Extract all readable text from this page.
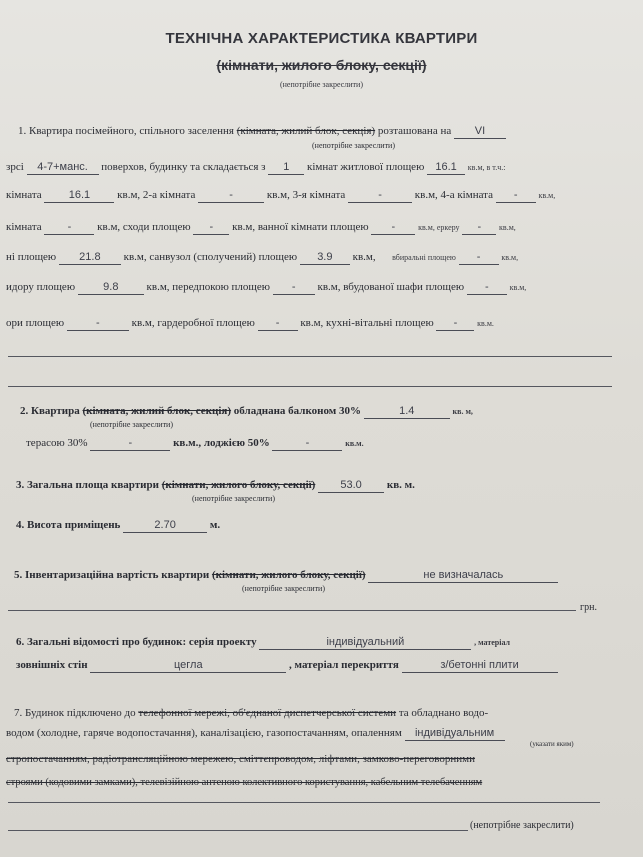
ТЕХНІЧНА ХАРАКТЕРИСТИКА КВАРТИРИ
(кімнати, жилого блоку, секції)
(непотрібне закреслити)
1. Квартира посімейного, спільного заселення (кімната, жилий блок, секція) розташована на VI
(непотрібне закреслити)
зрсі 4-7+манс. поверхов, будинку та складається з 1 кімнат житлової площею 16.1 кв.м, в т.ч.:
кімната 16.1 кв.м, 2-а кімната	-	кв.м, 3-я кімната	-	кв.м, 4-а кімната -	кв.м,
кімната - кв.м, сходи площею - кв.м, ванної кімнати площею -	кв.м, еркеру - кв.м,
ні площею 21.8 кв.м, санвузол (сполучений) площею 3.9 кв.м, вбиральні площею -	кв.м,
идору площею	9.8	кв.м, передпокою площею - кв.м, вбудованої шафи площею -	кв.м,
ори площею	-	кв.м, гардеробної площею - кв.м, кухні-вітальні площею - кв.м.
2. Квартира (кімната, жилий блок, секція) обладнана балконом 30%	1.4	кв. м,
(непотрібне закреслити)
терасою 30%	-	кв.м., лоджією 50%	-	кв.м.
3. Загальна площа квартири (кімнати, жилого блоку, секції) 53.0 кв. м.
(непотрібне закреслити)
4. Висота приміщень	2.70	м.
5. Інвентаризаційна вартість квартири (кімнати, жилого блоку, секції)	не визначалась
(непотрібне закреслити)
грн.
6. Загальні відомості про будинок: серія проекту	індивідуальний	, матеріал
зовнішніх стін	цегла	, матеріал перекриття	з/бетонні плити
7. Будинок підключено до телефонної мережі, об'єднаної диспетчерської системи та обладнано водо-
водом (холодне, гаряче водопостачання), каналізацією, газопостачанням, опаленням індивідуальним
(указати яким)
стропостачанням, радіотрансляційною мережею, сміттєпроводом, ліфтами, замково-переговорними
строями (кодовими замками), телевізійною антеною колективного користування, кабельним телебаченням
(непотрібне закреслити)
